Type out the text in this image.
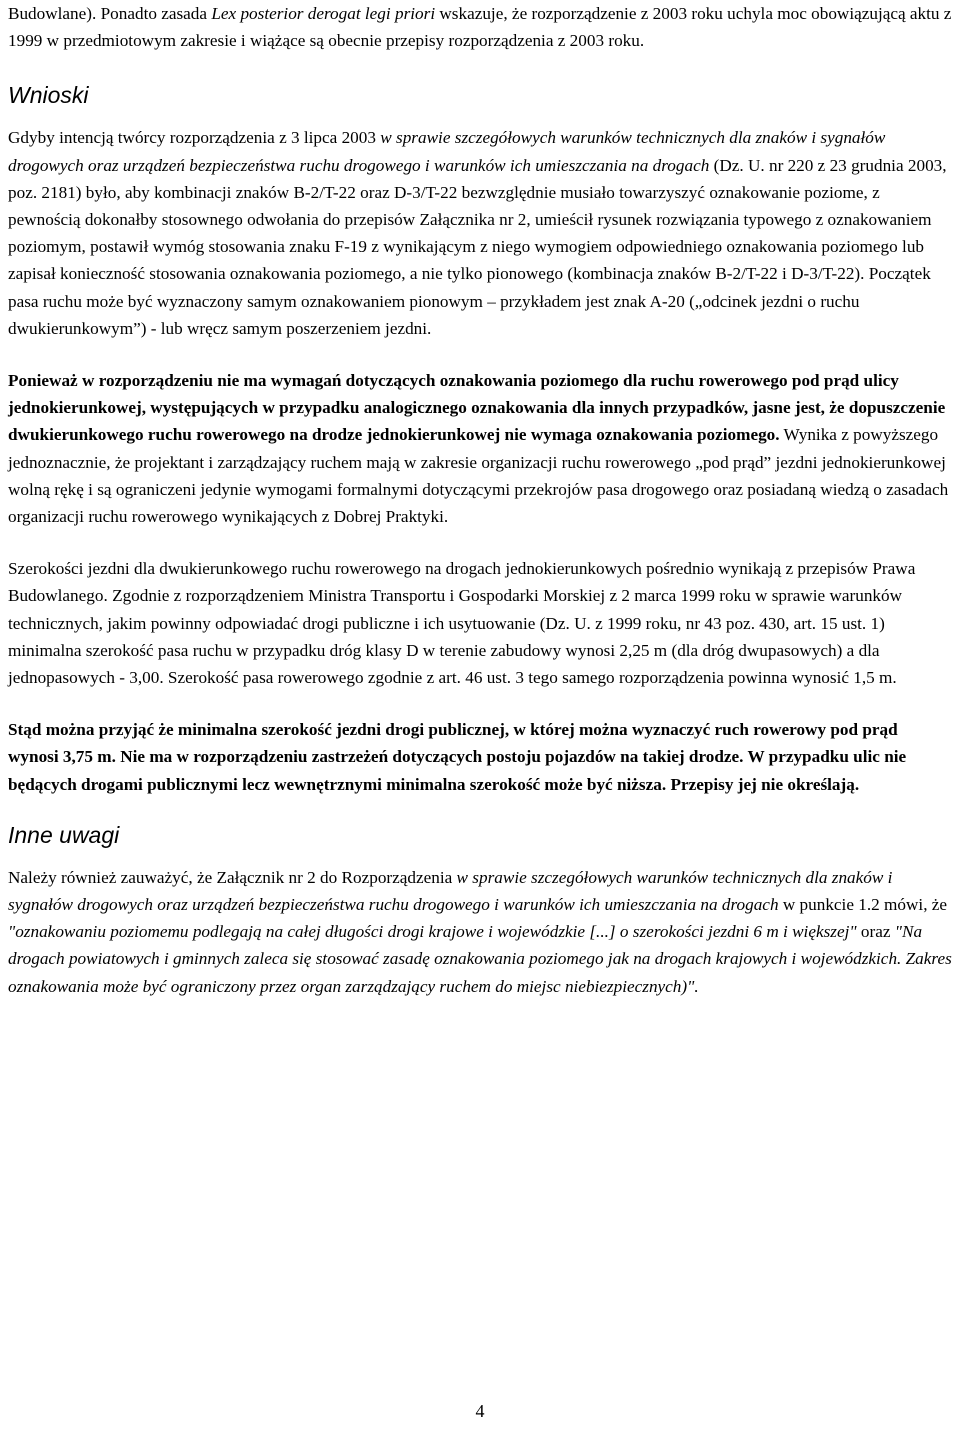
Budowlane). Ponadto zasada Lex posterior derogat legi priori wskazuje, że rozporządzenie z 2003 roku uchyla moc obowiązującą aktu z 1999 w przedmiotowym zakresie i wiążące są obecnie przepisy rozporządzenia z 2003 roku.

Wnioski

Gdyby intencją twórcy rozporządzenia z 3 lipca 2003 w sprawie szczegółowych warunków technicznych dla znaków i sygnałów drogowych oraz urządzeń bezpieczeństwa ruchu drogowego i warunków ich umieszczania na drogach (Dz. U. nr 220 z 23 grudnia 2003, poz. 2181) było, aby kombinacji znaków B-2/T-22 oraz D-3/T-22 bezwzględnie musiało towarzyszyć oznakowanie poziome, z pewnością dokonałby stosownego odwołania do przepisów Załącznika nr 2, umieścił rysunek rozwiązania typowego z oznakowaniem poziomym, postawił wymóg stosowania znaku F-19 z wynikającym z niego wymogiem odpowiedniego oznakowania poziomego lub zapisał konieczność stosowania oznakowania poziomego, a nie tylko pionowego (kombinacja znaków B-2/T-22 i D-3/T-22). Początek pasa ruchu może być wyznaczony samym oznakowaniem pionowym – przykładem jest znak A-20 („odcinek jezdni o ruchu dwukierunkowym”) - lub wręcz samym poszerzeniem jezdni.

Ponieważ w rozporządzeniu nie ma wymagań dotyczących oznakowania poziomego dla ruchu rowerowego pod prąd ulicy jednokierunkowej, występujących w przypadku analogicznego oznakowania dla innych przypadków, jasne jest, że dopuszczenie dwukierunkowego ruchu rowerowego na drodze jednokierunkowej nie wymaga oznakowania poziomego. Wynika z powyższego jednoznacznie, że projektant i zarządzający ruchem mają w zakresie organizacji ruchu rowerowego „pod prąd” jezdni jednokierunkowej wolną rękę i są ograniczeni jedynie wymogami formalnymi dotyczącymi przekrojów pasa drogowego oraz posiadaną wiedzą o zasadach organizacji ruchu rowerowego wynikających z Dobrej Praktyki.

Szerokości jezdni dla dwukierunkowego ruchu rowerowego na drogach jednokierunkowych pośrednio wynikają z przepisów Prawa Budowlanego. Zgodnie z rozporządzeniem Ministra Transportu i Gospodarki Morskiej z 2 marca 1999 roku w sprawie warunków technicznych, jakim powinny odpowiadać drogi publiczne i ich usytuowanie (Dz. U. z 1999 roku, nr 43 poz. 430, art. 15 ust. 1) minimalna szerokość pasa ruchu w przypadku dróg klasy D w terenie zabudowy wynosi 2,25 m (dla dróg dwupasowych) a dla jednopasowych - 3,00. Szerokość pasa rowerowego zgodnie z art. 46 ust. 3 tego samego rozporządzenia powinna wynosić 1,5 m.

Stąd można przyjąć że minimalna szerokość jezdni drogi publicznej, w której można wyznaczyć ruch rowerowy pod prąd wynosi 3,75 m. Nie ma w rozporządzeniu zastrzeżeń dotyczących postoju pojazdów na takiej drodze. W przypadku ulic nie będących drogami publicznymi lecz wewnętrznymi minimalna szerokość może być niższa. Przepisy jej nie określają.

Inne uwagi

Należy również zauważyć, że Załącznik nr 2 do Rozporządzenia w sprawie szczegółowych warunków technicznych dla znaków i sygnałów drogowych oraz urządzeń bezpieczeństwa ruchu drogowego i warunków ich umieszczania na drogach w punkcie 1.2 mówi, że "oznakowaniu poziomemu podlegają na całej długości drogi krajowe i wojewódzkie [...] o szerokości jezdni 6 m i większej" oraz "Na drogach powiatowych i gminnych zaleca się stosować zasadę oznakowania poziomego jak na drogach krajowych i wojewódzkich. Zakres oznakowania może być ograniczony przez organ zarządzający ruchem do miejsc niebiezpiecznych)".

4
